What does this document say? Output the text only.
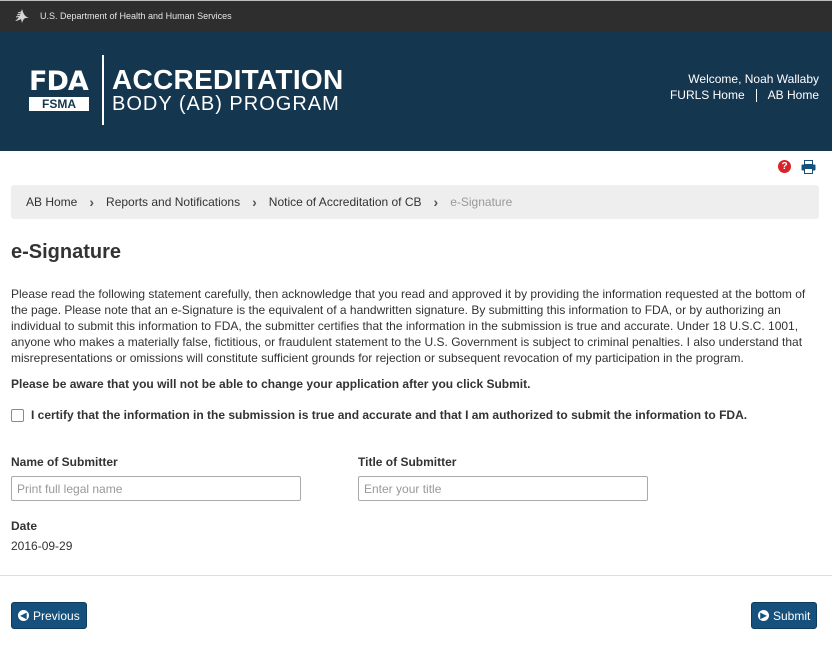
U.S. Department of Health and Human Services
FDA
FSMA
ACCREDITATION
BODY (AB) PROGRAM
Welcome, Noah Wallaby
FURLS Home AB Home
?
AB Home › Reports and Notifications › Notice of Accreditation of CB › e-Signature
e-Signature

Please read the following statement carefully, then acknowledge that you read and approved it by providing the information requested at the bottom of the page. Please note that an e-Signature is the equivalent of a handwritten signature. By submitting this information to FDA, or by authorizing an individual to submit this information to FDA, the submitter certifies that the information in the submission is true and accurate. Under 18 U.S.C. 1001, anyone who makes a materially false, fictitious, or fraudulent statement to the U.S. Government is subject to criminal penalties. I also understand that misrepresentations or omissions will constitute sufficient grounds for rejection or subsequent revocation of my participation in the program.

Please be aware that you will not be able to change your application after you click Submit.

I certify that the information in the submission is true and accurate and that I am authorized to submit the information to FDA.
Name of Submitter
Print full legal name	Title of Submitter
Enter your title
Date
2016-09-29
◀ Previous	▶ Submit
